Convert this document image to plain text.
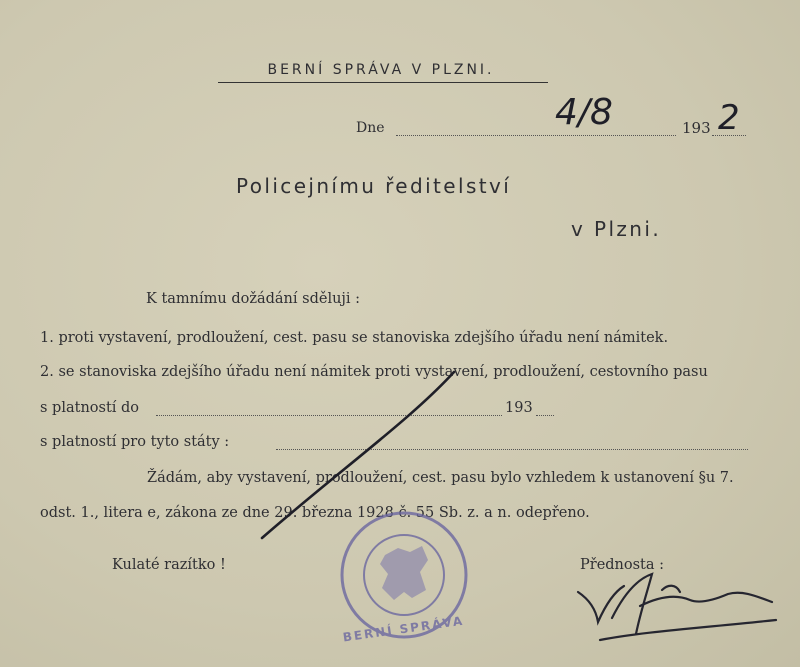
BERNÍ SPRÁVA V PLZNI.
Dne	4/8	193 2
Policejnímu ředitelství
v Plzni.
K tamnímu dožádání sděluji :
1. proti vystavení, prodloužení, cest. pasu se stanoviska zdejšího úřadu není námitek.
2. se stanoviska zdejšího úřadu není námitek proti vystavení, prodloužení, cestovního pasu
s platností do	193
s platností pro tyto státy :
Žádám, aby vystavení, prodloužení, cest. pasu bylo vzhledem k ustanovení §u 7.
odst. 1., litera e, zákona ze dne 29. března 1928 č. 55 Sb. z. a n. odepřeno.
Kulaté razítko !	Přednosta :
BERNÍ SPRÁVA
